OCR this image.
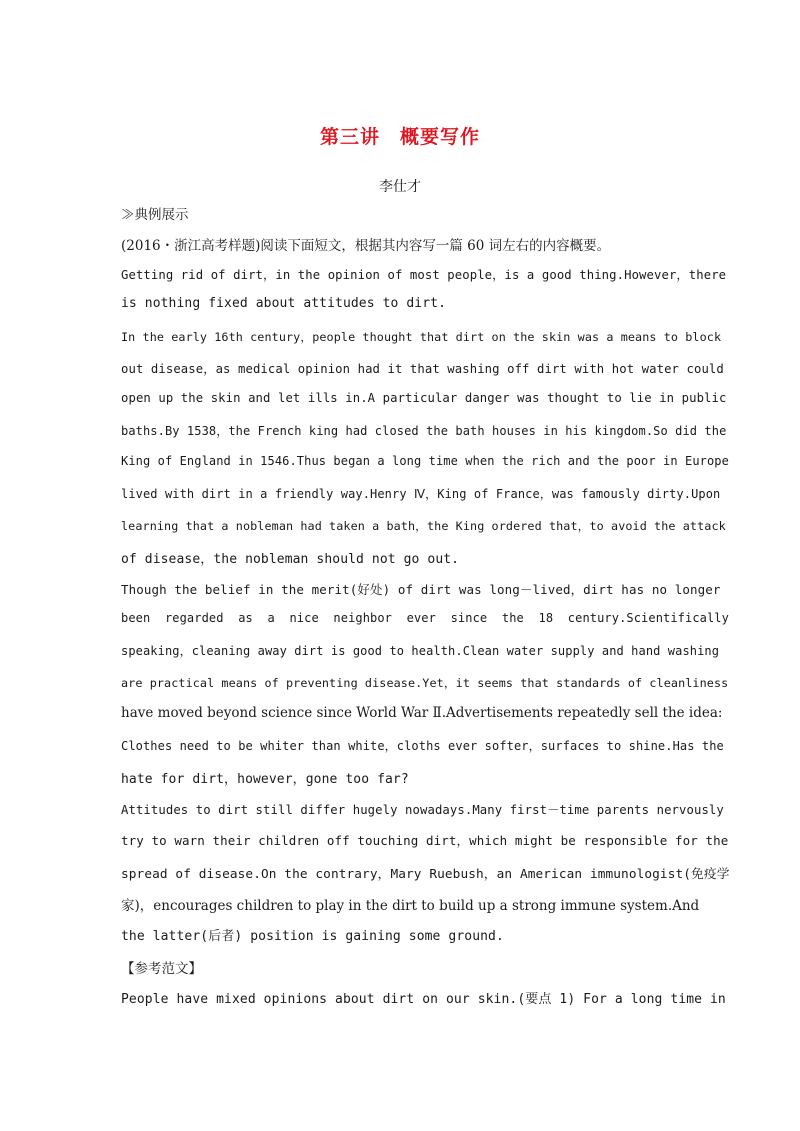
第三讲　概要写作
李仕才
≫典例展示
(2016・浙江高考样题)阅读下面短文，根据其内容写一篇 60 词左右的内容概要。
Getting rid of dirt，in the opinion of most people，is a good thing.However，there
is nothing fixed about attitudes to dirt.
In the early 16th century，people thought that dirt on the skin was a means to block
out disease，as medical opinion had it that washing off dirt with hot water could
open up the skin and let ills in.A particular danger was thought to lie in public
baths.By 1538，the French king had closed the bath houses in his kingdom.So did the
King of England in 1546.Thus began a long time when the rich and the poor in Europe
lived with dirt in a friendly way.Henry Ⅳ，King of France，was famously dirty.Upon
learning that a nobleman had taken a bath，the King ordered that，to avoid the attack
of disease，the nobleman should not go out.
Though the belief in the merit(好处) of dirt was long－lived，dirt has no longer
been  regarded  as  a  nice  neighbor  ever  since  the  18  century.Scientifically
speaking，cleaning away dirt is good to health.Clean water supply and hand washing
are practical means of preventing disease.Yet，it seems that standards of cleanliness
have moved beyond science since World War Ⅱ.Advertisements repeatedly sell the idea:
Clothes need to be whiter than white，cloths ever softer，surfaces to shine.Has the
hate for dirt，however，gone too far?
Attitudes to dirt still differ hugely nowadays.Many first－time parents nervously
try to warn their children off touching dirt，which might be responsible for the
spread of disease.On the contrary，Mary Ruebush，an American immunologist(免疫学
家)，encourages children to play in the dirt to build up a strong immune system.And
the latter(后者) position is gaining some ground.
【参考范文】
People have mixed opinions about dirt on our skin.(要点 1) For a long time in
